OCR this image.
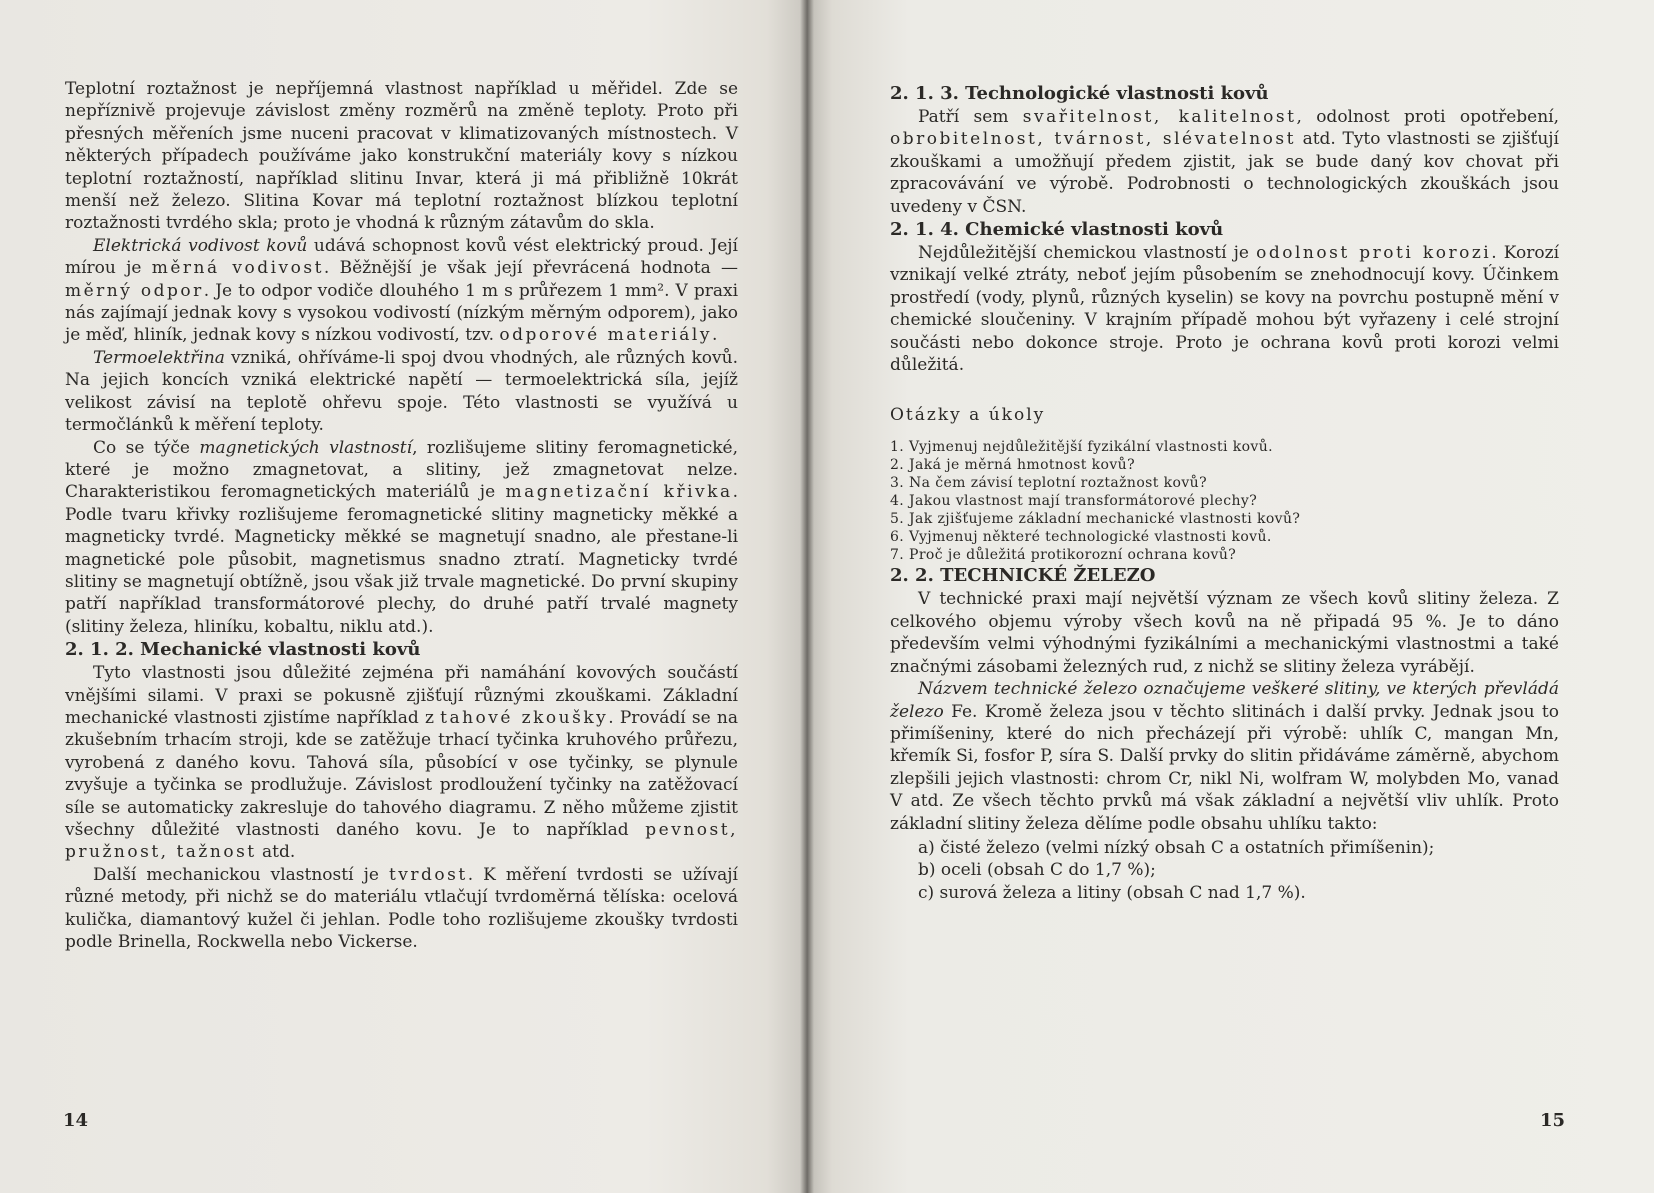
Teplotní roztažnost je nepříjemná vlastnost například u měřidel. Zde se nepříznivě projevuje závislost změny rozměrů na změně teploty. Proto při přesných měřeních jsme nuceni pracovat v klimatizovaných místnostech. V některých případech používáme jako konstrukční materiály kovy s nízkou teplotní roztažností, například slitinu Invar, která ji má přibližně 10krát menší než železo. Slitina Kovar má teplotní roztažnost blízkou teplotní roztažnosti tvrdého skla; proto je vhodná k různým zátavům do skla.

Elektrická vodivost kovů udává schopnost kovů vést elektrický proud. Její mírou je měrná vodivost. Běžnější je však její převrácená hodnota — měrný odpor. Je to odpor vodiče dlouhého 1 m s průřezem 1 mm². V praxi nás zajímají jednak kovy s vysokou vodivostí (nízkým měrným odporem), jako je měď, hliník, jednak kovy s nízkou vodivostí, tzv. odporové materiály.

Termoelektřina vzniká, ohříváme-li spoj dvou vhodných, ale různých kovů. Na jejich koncích vzniká elektrické napětí — termoelektrická síla, jejíž velikost závisí na teplotě ohřevu spoje. Této vlastnosti se využívá u termočlánků k měření teploty.

Co se týče magnetických vlastností, rozlišujeme slitiny feromagnetické, které je možno zmagnetovat, a slitiny, jež zmagnetovat nelze. Charakteristikou feromagnetických materiálů je magnetizační křivka. Podle tvaru křivky rozlišujeme feromagnetické slitiny magneticky měkké a magneticky tvrdé. Magneticky měkké se magnetují snadno, ale přestane-li magnetické pole působit, magnetismus snadno ztratí. Magneticky tvrdé slitiny se magnetují obtížně, jsou však již trvale magnetické. Do první skupiny patří například transformátorové plechy, do druhé patří trvalé magnety (slitiny železa, hliníku, kobaltu, niklu atd.).

2. 1. 2. Mechanické vlastnosti kovů

Tyto vlastnosti jsou důležité zejména při namáhání kovových součástí vnějšími silami. V praxi se pokusně zjišťují různými zkouškami. Základní mechanické vlastnosti zjistíme například z tahové zkoušky. Provádí se na zkušebním trhacím stroji, kde se zatěžuje trhací tyčinka kruhového průřezu, vyrobená z daného kovu. Tahová síla, působící v ose tyčinky, se plynule zvyšuje a tyčinka se prodlužuje. Závislost prodloužení tyčinky na zatěžovací síle se automaticky zakresluje do tahového diagramu. Z něho můžeme zjistit všechny důležité vlastnosti daného kovu. Je to například pevnost, pružnost, tažnost atd.

Další mechanickou vlastností je tvrdost. K měření tvrdosti se užívají různé metody, při nichž se do materiálu vtlačují tvrdoměrná tělíska: ocelová kulička, diamantový kužel či jehlan. Podle toho rozlišujeme zkoušky tvrdosti podle Brinella, Rockwella nebo Vickerse.

14
2. 1. 3. Technologické vlastnosti kovů

Patří sem svařitelnost, kalitelnost, odolnost proti opotřebení, obrobitelnost, tvárnost, slévatelnost atd. Tyto vlastnosti se zjišťují zkouškami a umožňují předem zjistit, jak se bude daný kov chovat při zpracovávání ve výrobě. Podrobnosti o technologických zkouškách jsou uvedeny v ČSN.

2. 1. 4. Chemické vlastnosti kovů

Nejdůležitější chemickou vlastností je odolnost proti korozi. Korozí vznikají velké ztráty, neboť jejím působením se znehodnocují kovy. Účinkem prostředí (vody, plynů, různých kyselin) se kovy na povrchu postupně mění v chemické sloučeniny. V krajním případě mohou být vyřazeny i celé strojní součásti nebo dokonce stroje. Proto je ochrana kovů proti korozi velmi důležitá.

Otázky a úkoly
1. Vyjmenuj nejdůležitější fyzikální vlastnosti kovů.
2. Jaká je měrná hmotnost kovů?
3. Na čem závisí teplotní roztažnost kovů?
4. Jakou vlastnost mají transformátorové plechy?
5. Jak zjišťujeme základní mechanické vlastnosti kovů?
6. Vyjmenuj některé technologické vlastnosti kovů.
7. Proč je důležitá protikorozní ochrana kovů?
2. 2. TECHNICKÉ ŽELEZO

V technické praxi mají největší význam ze všech kovů slitiny železa. Z celkového objemu výroby všech kovů na ně připadá 95 %. Je to dáno především velmi výhodnými fyzikálními a mechanickými vlastnostmi a také značnými zásobami železných rud, z nichž se slitiny železa vyrábějí.

Názvem technické železo označujeme veškeré slitiny, ve kterých převládá železo Fe. Kromě železa jsou v těchto slitinách i další prvky. Jednak jsou to přimíšeniny, které do nich přecházejí při výrobě: uhlík C, mangan Mn, křemík Si, fosfor P, síra S. Další prvky do slitin přidáváme záměrně, abychom zlepšili jejich vlastnosti: chrom Cr, nikl Ni, wolfram W, molybden Mo, vanad V atd. Ze všech těchto prvků má však základní a největší vliv uhlík. Proto základní slitiny železa dělíme podle obsahu uhlíku takto:

a) čisté železo (velmi nízký obsah C a ostatních přimíšenin);
b) oceli (obsah C do 1,7 %);
c) surová železa a litiny (obsah C nad 1,7 %).
15
